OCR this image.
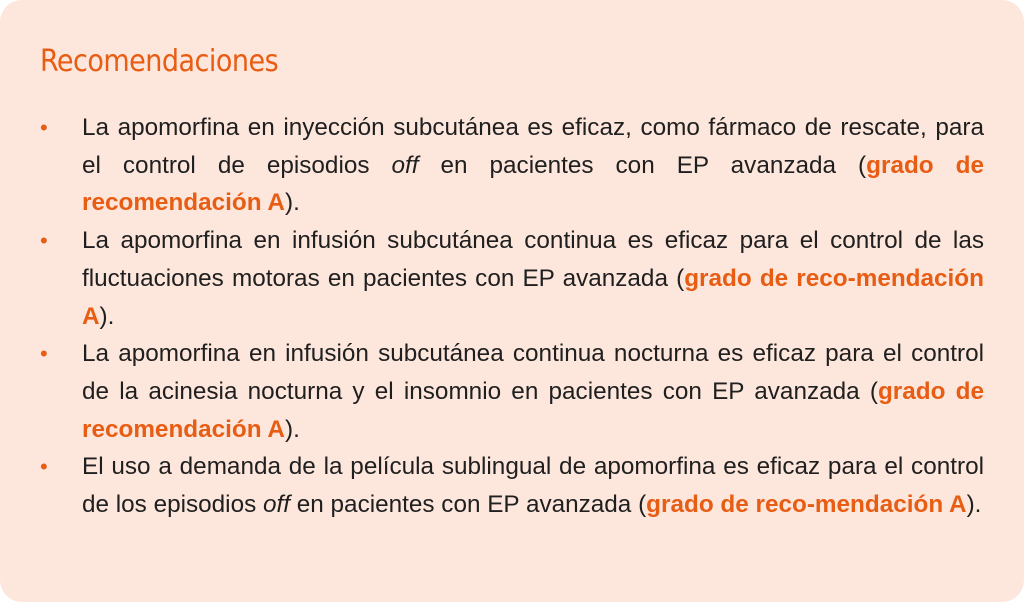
Recomendaciones
• La apomorfina en inyección subcutánea es eficaz, como fármaco de rescate, para el control de episodios off en pacientes con EP avanzada (grado de recomendación A).
• La apomorfina en infusión subcutánea continua es eficaz para el control de las fluctuaciones motoras en pacientes con EP avanzada (grado de reco-mendación A).
• La apomorfina en infusión subcutánea continua nocturna es eficaz para el control de la acinesia nocturna y el insomnio en pacientes con EP avanzada (grado de recomendación A).
• El uso a demanda de la película sublingual de apomorfina es eficaz para el control de los episodios off en pacientes con EP avanzada (grado de reco-mendación A).
